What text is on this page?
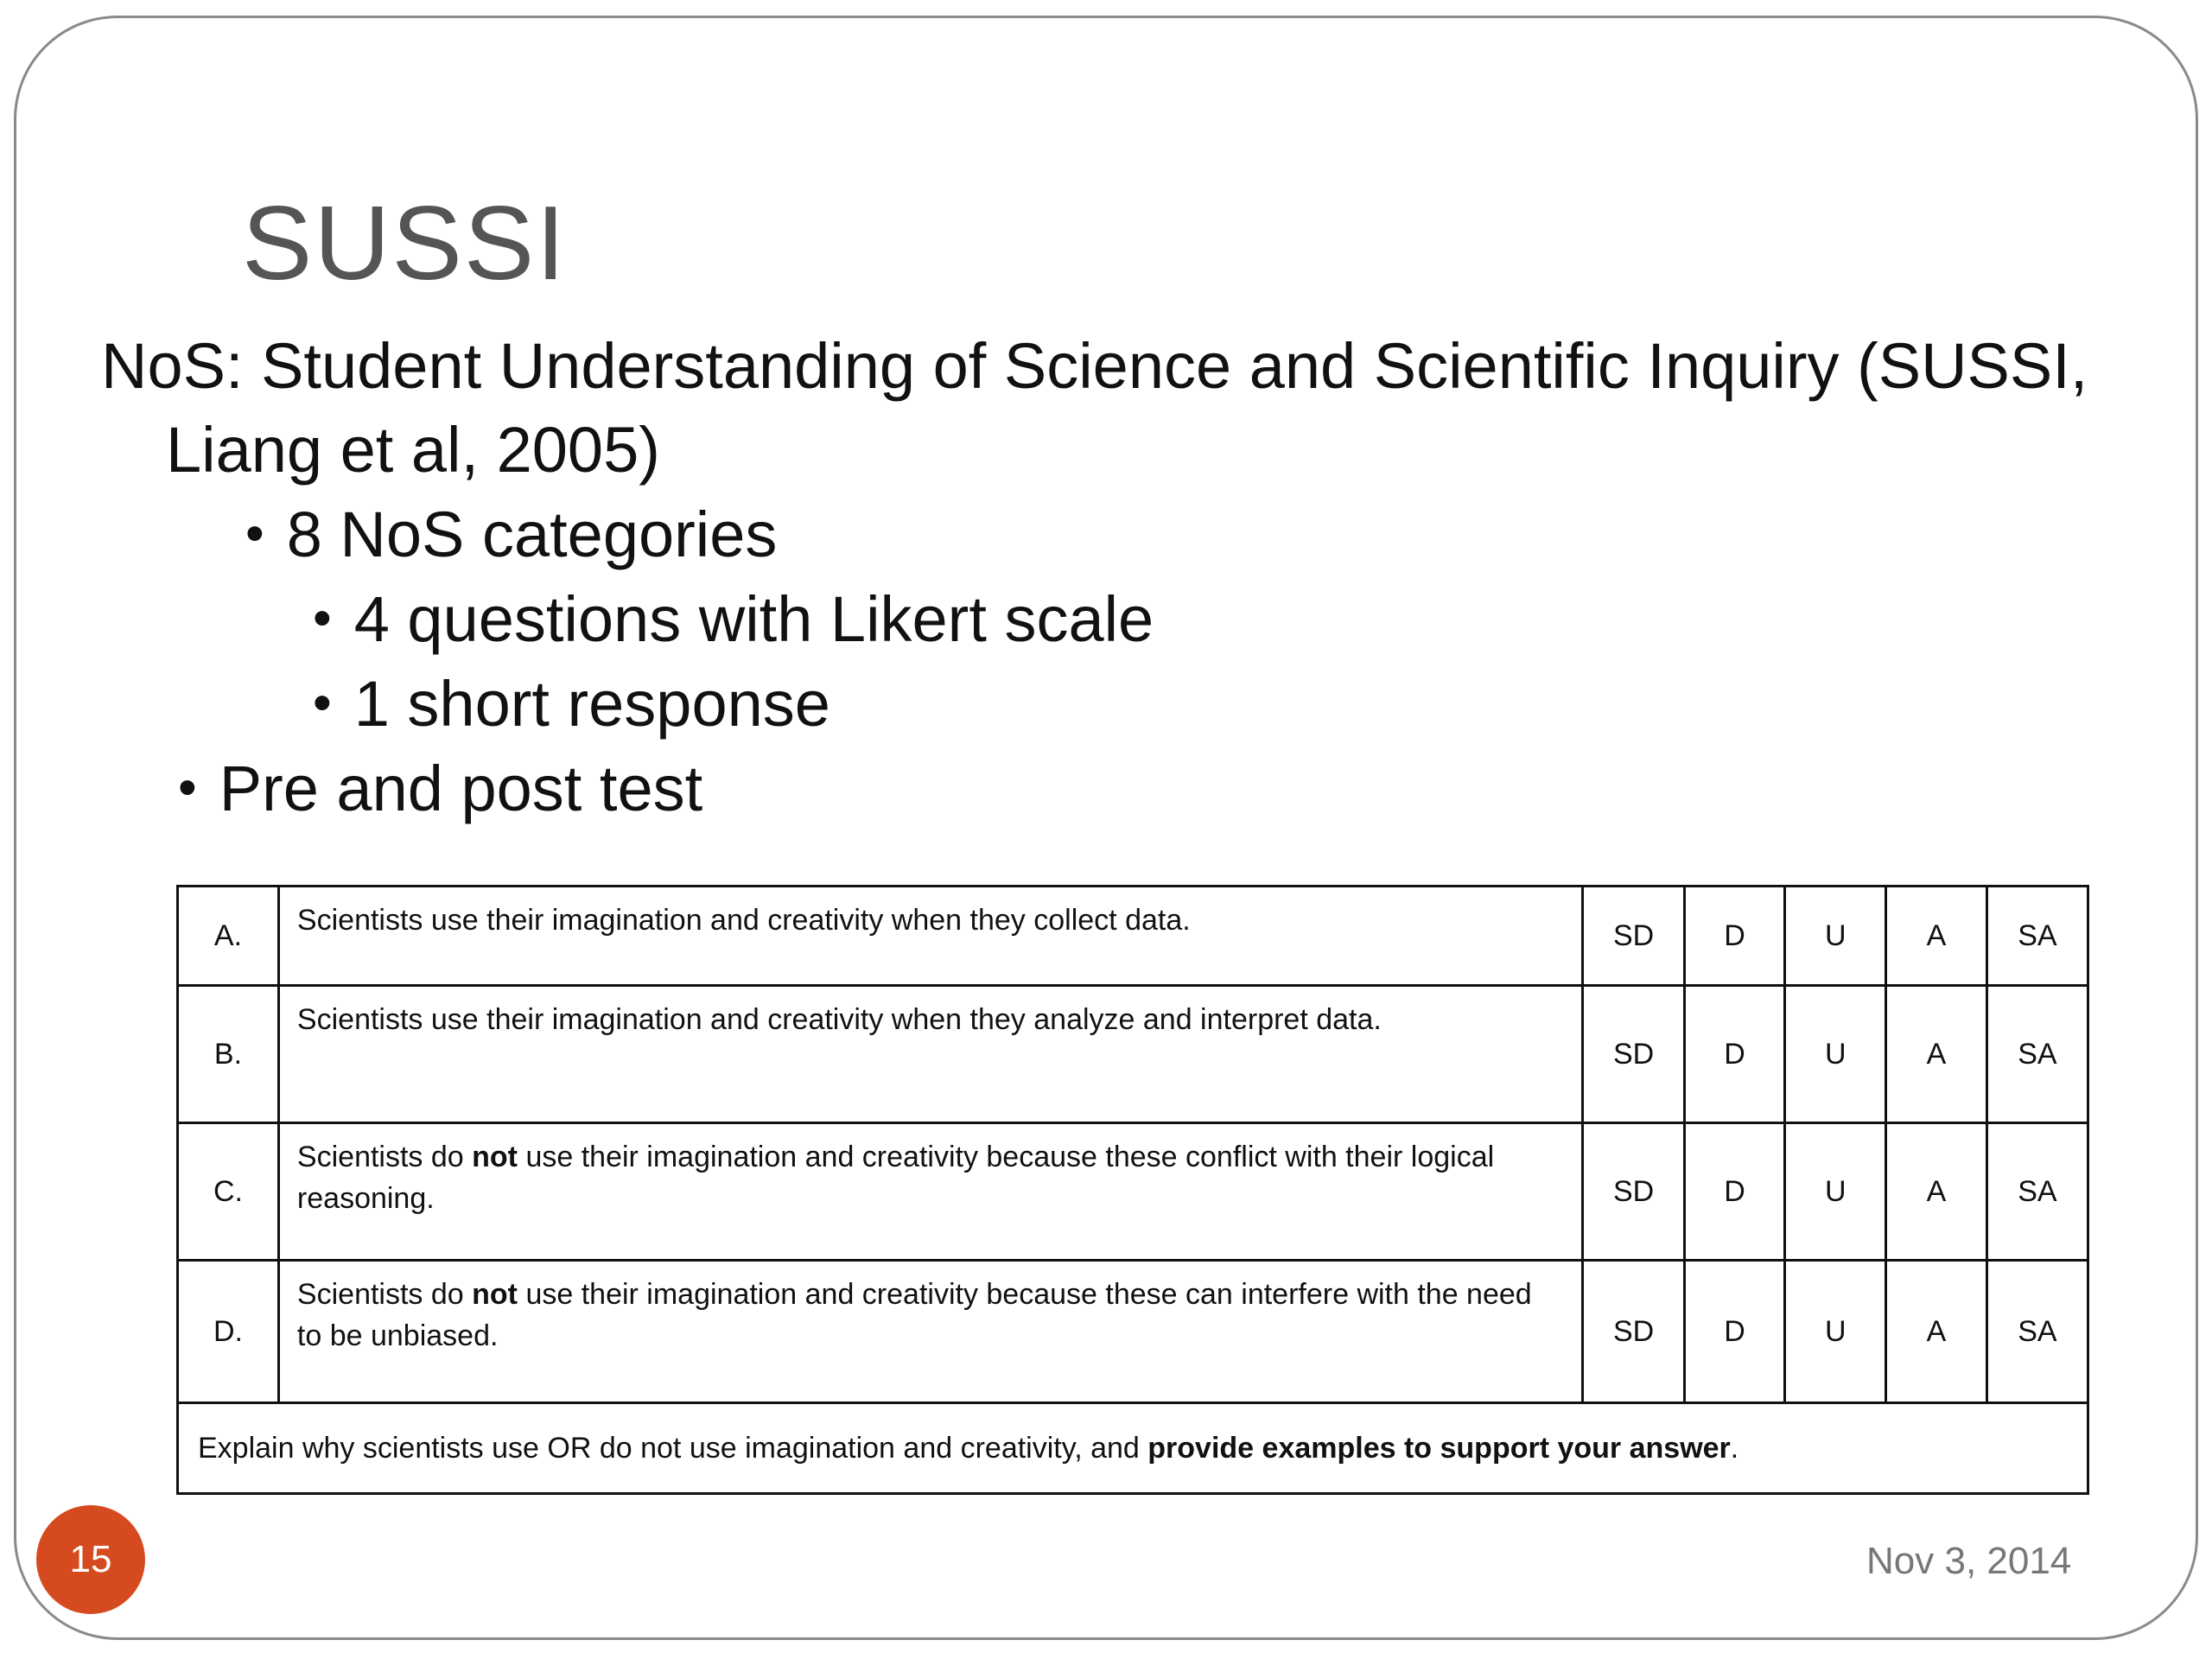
SUSSI
NoS: Student Understanding of Science and Scientific Inquiry (SUSSI,
Liang et al, 2005)
• 8 NoS categories
• 4 questions with Likert scale
• 1 short response
• Pre and post test
A.	Scientists use their imagination and creativity when they collect data.	SD	D	U	A	SA
B.	Scientists use their imagination and creativity when they analyze and interpret data.	SD	D	U	A	SA
C.	Scientists do not use their imagination and creativity because these conflict with their logical reasoning.	SD	D	U	A	SA
D.	Scientists do not use their imagination and creativity because these can interfere with the need to be unbiased.	SD	D	U	A	SA
Explain why scientists use OR do not use imagination and creativity, and provide examples to support your answer.						
15	Nov 3, 2014
